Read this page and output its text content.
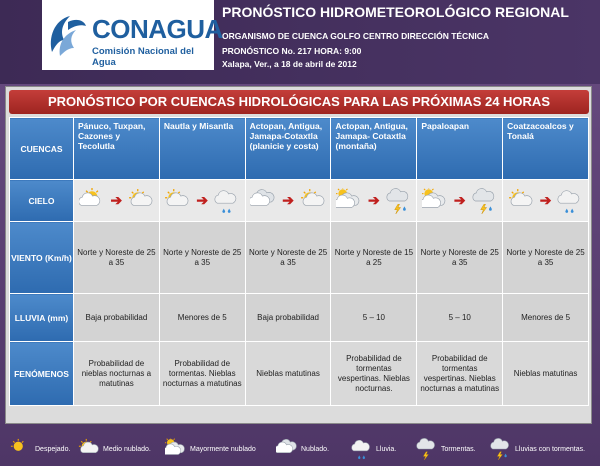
CONAGUA
Comisión Nacional del Agua
PRONÓSTICO HIDROMETEOROLÓGICO REGIONAL
ORGANISMO DE CUENCA GOLFO CENTRO DIRECCIÓN TÉCNICA
PRONÓSTICO No. 217 HORA: 9:00
Xalapa, Ver., a 18 de abril de 2012
PRONÓSTICO POR CUENCAS HIDROLÓGICAS PARA LAS PRÓXIMAS 24 HORAS
CUENCAS	Pánuco, Tuxpan, Cazones y Tecolutla	Nautla y Misantla	Actopan, Antigua, Jamapa-Cotaxtla (planicie y costa)	Actopan, Antigua, Jamapa- Cotaxtla (montaña)	Papaloapan	Coatzacoalcos y Tonalá
CIELO	➔	➔	➔	➔	➔	➔

VIENTO (Km/h)	Norte y Noreste de 25 a 35	Norte y Noreste de 25 a 35	Norte y Noreste de 25 a 35	Norte y Noreste de 15 a 25	Norte y Noreste de 25 a 35	Norte y Noreste de 25 a 35
LLUVIA (mm)	Baja probabilidad	Menores de 5	Baja probabilidad	5 – 10	5 – 10	Menores de 5
FENÓMENOS	Probabilidad de nieblas nocturnas a matutinas	Probabilidad de tormentas. Nieblas nocturnas a matutinas	Nieblas matutinas	Probabilidad de tormentas vespertinas. Nieblas nocturnas.	Probabilidad de tormentas vespertinas. Nieblas nocturnas a matutinas	Nieblas matutinas
Despejado.	Medio nublado.	Mayormente nublado	Nublado.	Lluvia.	Tormentas.	Lluvias con tormentas.
